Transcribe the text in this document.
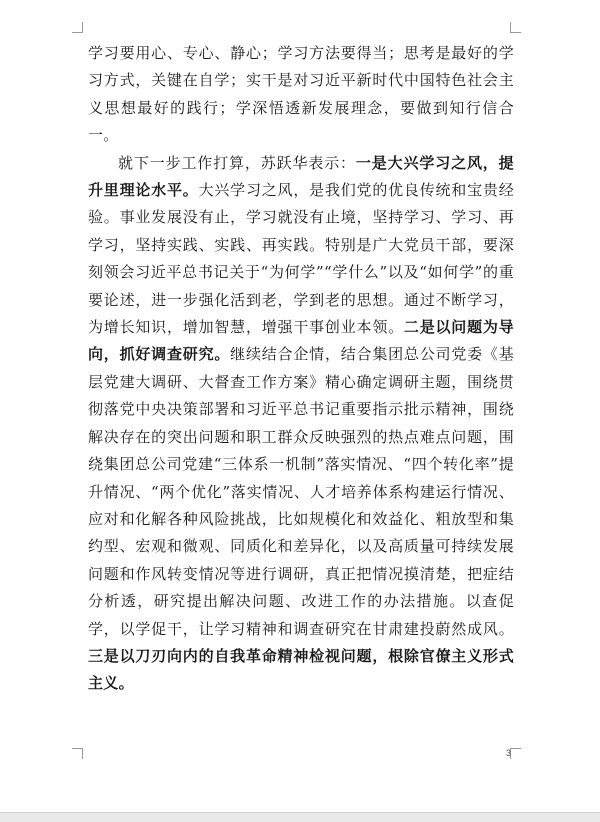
学习要用心、专心、静心；学习方法要得当；思考是最好的学习方式，关键在自学；实干是对习近平新时代中国特色社会主义思想最好的践行；学深悟透新发展理念，要做到知行信合一。

就下一步工作打算，苏跃华表示：一是大兴学习之风，提升里理论水平。大兴学习之风，是我们党的优良传统和宝贵经验。事业发展没有止，学习就没有止境，坚持学习、学习、再学习，坚持实践、实践、再实践。特别是广大党员干部，要深刻领会习近平总书记关于“为何学”“学什么”以及“如何学”的重要论述，进一步强化活到老，学到老的思想。通过不断学习，为增长知识，增加智慧，增强干事创业本领。二是以问题为导向，抓好调查研究。继续结合企情，结合集团总公司党委《基层党建大调研、大督查工作方案》精心确定调研主题，围绕贯彻落党中央决策部署和习近平总书记重要指示批示精神，围绕解决存在的突出问题和职工群众反映强烈的热点难点问题，围绕集团总公司党建“三体系一机制”落实情况、“四个转化率”提升情况、“两个优化”落实情况、人才培养体系构建运行情况、应对和化解各种风险挑战，比如规模化和效益化、粗放型和集约型、宏观和微观、同质化和差异化，以及高质量可持续发展问题和作风转变情况等进行调研，真正把情况摸清楚，把症结分析透，研究提出解决问题、改进工作的办法措施。以查促学，以学促干，让学习精神和调查研究在甘肃建投蔚然成风。三是以刀刃向内的自我革命精神检视问题，根除官僚主义形式主义。

3
